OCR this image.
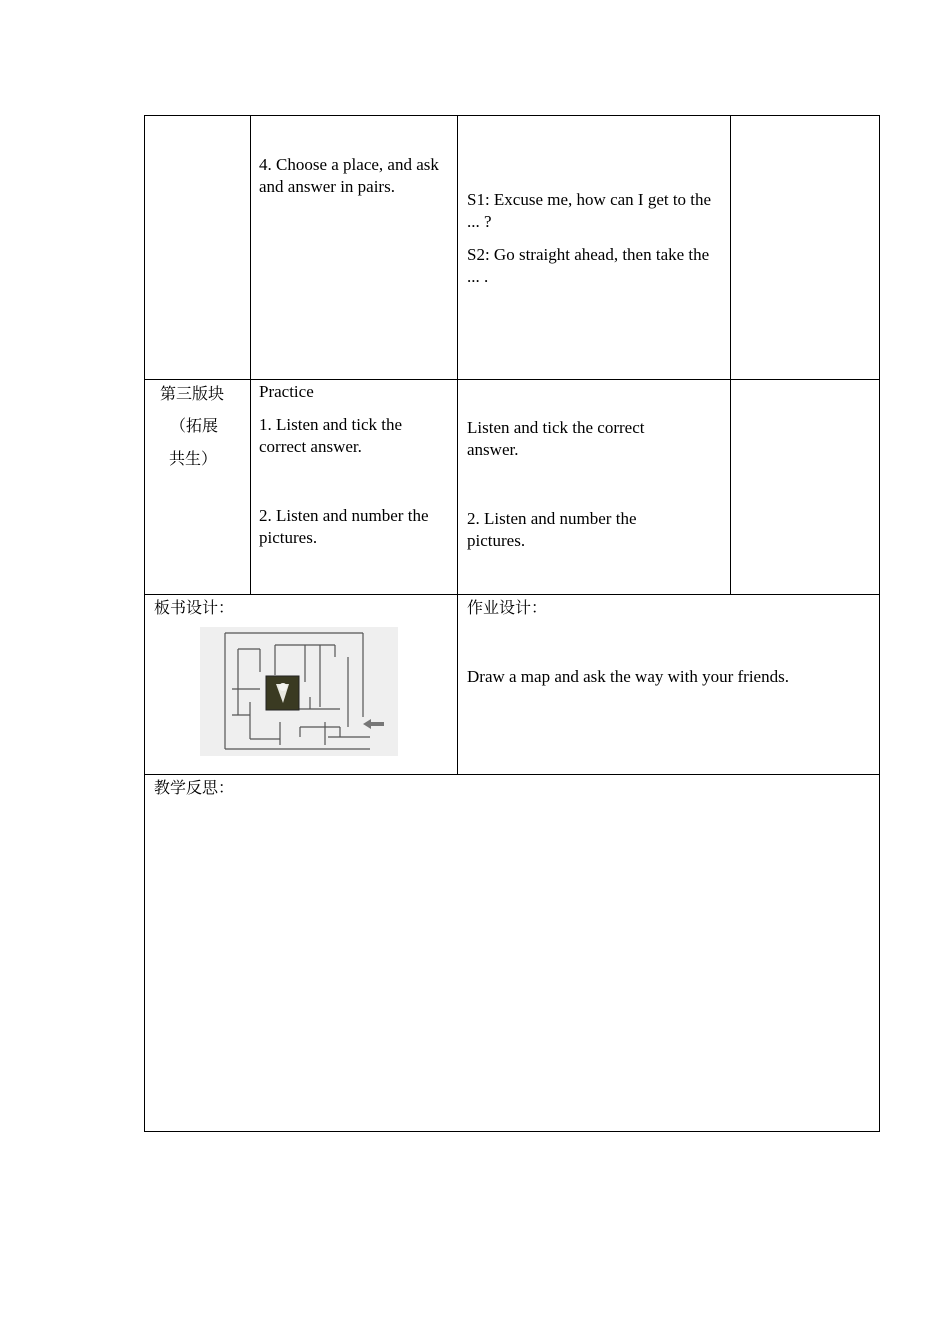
4. Choose a place, and ask and answer in pairs.
S1: Excuse me, how can I get to the ... ?
S2: Go straight ahead, then take the ... .
第三版块
（拓展
共生）
Practice
1. Listen and tick the correct answer.
2. Listen and number the pictures.
Listen and tick the correct answer.
2. Listen and number the pictures.
板书设计：	作业设计：
Draw a map and ask the way with your friends.
教学反思：
